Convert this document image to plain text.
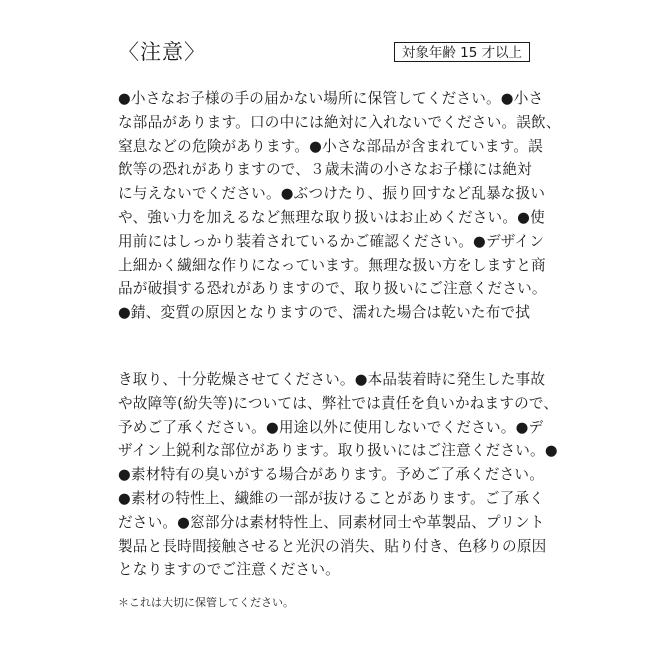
〈注意〉	対象年齢 15 才以上
●小さなお子様の手の届かない場所に保管してください。●小さ
な部品があります。口の中には絶対に入れないでください。誤飲、
窒息などの危険があります。●小さな部品が含まれています。誤
飲等の恐れがありますので、３歳未満の小さなお子様には絶対
に与えないでください。●ぶつけたり、振り回すなど乱暴な扱い
や、強い力を加えるなど無理な取り扱いはお止めください。●使
用前にはしっかり装着されているかご確認ください。●デザイン
上細かく繊細な作りになっています。無理な扱い方をしますと商
品が破損する恐れがありますので、取り扱いにご注意ください。
●錆、変質の原因となりますので、濡れた場合は乾いた布で拭
き取り、十分乾燥させてください。●本品装着時に発生した事故
や故障等(紛失等)については、弊社では責任を負いかねますので、
予めご了承ください。●用途以外に使用しないでください。●デ
ザイン上鋭利な部位があります。取り扱いにはご注意ください。●
●素材特有の臭いがする場合があります。予めご了承ください。
●素材の特性上、繊維の一部が抜けることがあります。ご了承く
ださい。●窓部分は素材特性上、同素材同士や革製品、プリント
製品と長時間接触させると光沢の消失、貼り付き、色移りの原因
となりますのでご注意ください。
＊これは大切に保管してください。
